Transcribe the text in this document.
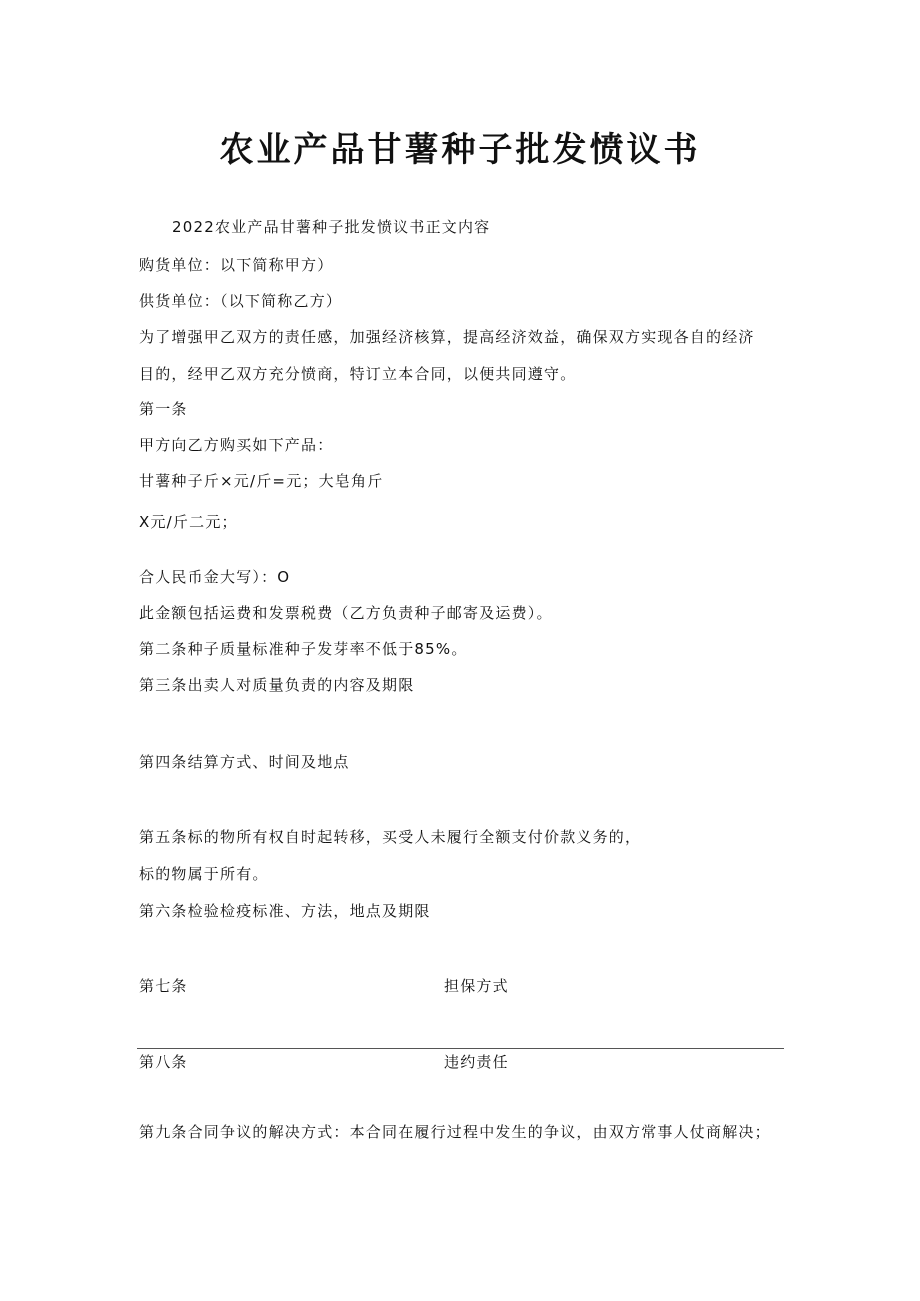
农业产品甘薯种子批发愤议书
2022农业产品甘薯种子批发愤议书正文内容
购货单位：以下简称甲方）
供货单位：（以下简称乙方）
为了增强甲乙双方的责任感，加强经济核算，提高经济效益，确保双方实现各自的经济
目的，经甲乙双方充分愤商，特订立本合同，以便共同遵守。
第一条
甲方向乙方购买如下产品：
甘薯种子斤×元/斤=元；大皂角斤
X元/斤二元；
合人民币金大写）：O
此金额包括运费和发票税费（乙方负责种子邮寄及运费）。
第二条种子质量标准种子发芽率不低于85%。
第三条出卖人对质量负责的内容及期限
第四条结算方式、时间及地点
第五条标的物所有权自时起转移，买受人未履行全额支付价款义务的，
标的物属于所有。
第六条检验检疫标准、方法，地点及期限
第七条	担保方式
第八条	违约责任
第九条合同争议的解决方式：本合同在履行过程中发生的争议，由双方常事人仗商解决；
